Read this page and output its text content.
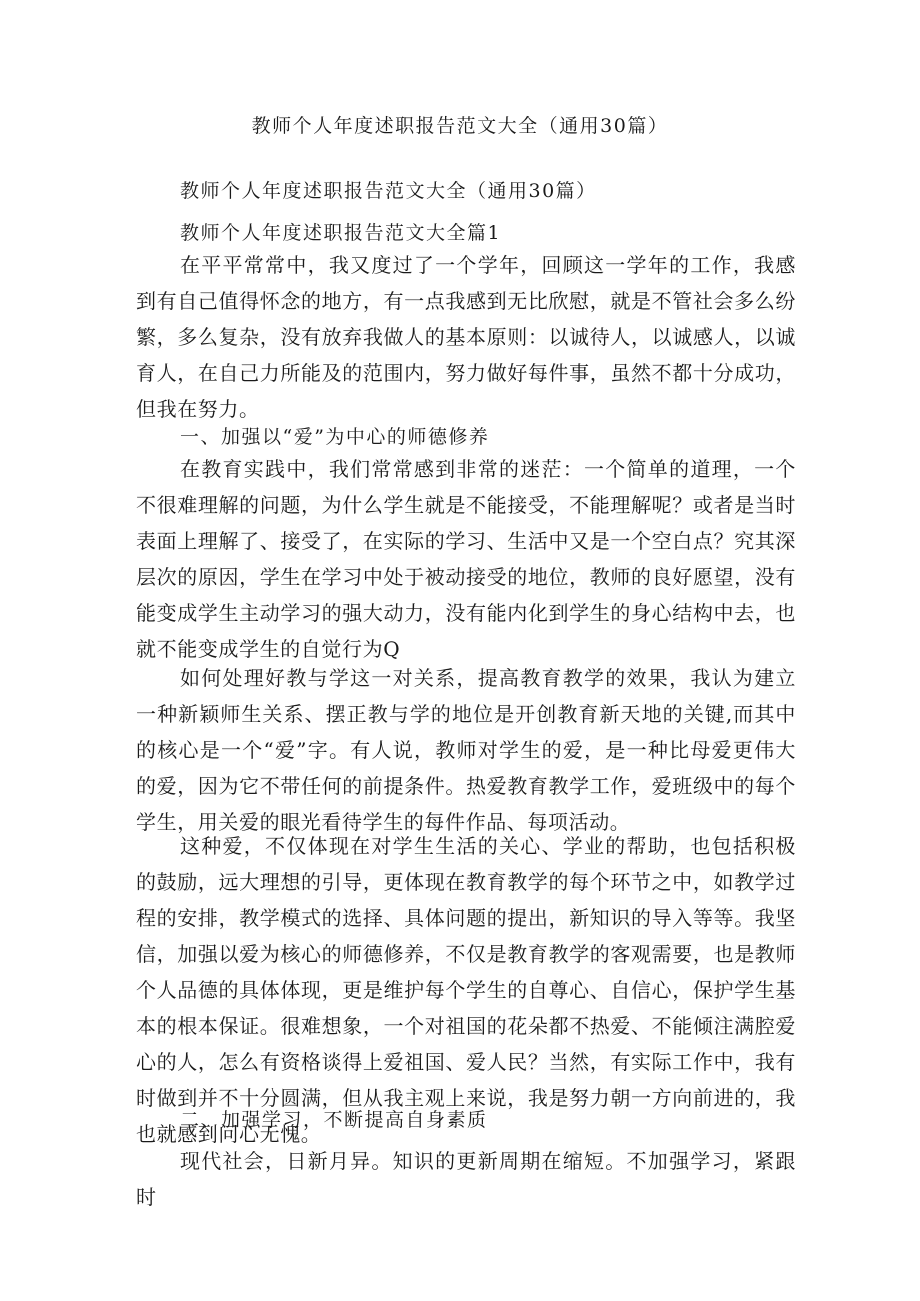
教师个人年度述职报告范文大全（通用30篇）
教师个人年度述职报告范文大全（通用30篇）
教师个人年度述职报告范文大全篇1

在平平常常中，我又度过了一个学年，回顾这一学年的工作，我感到有自己值得怀念的地方，有一点我感到无比欣慰，就是不管社会多么纷繁，多么复杂，没有放弃我做人的基本原则：以诚待人，以诚感人，以诚育人，在自己力所能及的范围内，努力做好每件事，虽然不都十分成功，但我在努力。

一、加强以“爱”为中心的师德修养

在教育实践中，我们常常感到非常的迷茫：一个简单的道理，一个不很难理解的问题，为什么学生就是不能接受，不能理解呢？或者是当时表面上理解了、接受了，在实际的学习、生活中又是一个空白点？究其深层次的原因，学生在学习中处于被动接受的地位，教师的良好愿望，没有能变成学生主动学习的强大动力，没有能内化到学生的身心结构中去，也就不能变成学生的自觉行为Q

如何处理好教与学这一对关系，提高教育教学的效果，我认为建立一种新颖师生关系、摆正教与学的地位是开创教育新天地的关键,而其中的核心是一个“爱”字。有人说，教师对学生的爱，是一种比母爱更伟大的爱，因为它不带任何的前提条件。热爱教育教学工作，爱班级中的每个学生，用关爱的眼光看待学生的每件作品、每项活动。

这种爱，不仅体现在对学生生活的关心、学业的帮助，也包括积极的鼓励，远大理想的引导，更体现在教育教学的每个环节之中，如教学过程的安排，教学模式的选择、具体问题的提出，新知识的导入等等。我坚信，加强以爱为核心的师德修养，不仅是教育教学的客观需要，也是教师个人品德的具体体现，更是维护每个学生的自尊心、自信心，保护学生基本的根本保证。很难想象，一个对祖国的花朵都不热爱、不能倾注满腔爱心的人，怎么有资格谈得上爱祖国、爱人民？当然，有实际工作中，我有时做到并不十分圆满，但从我主观上来说，我是努力朝一方向前进的，我也就感到问心无愧。

二、加强学习，不断提高自身素质

现代社会，日新月异。知识的更新周期在缩短。不加强学习，紧跟时
